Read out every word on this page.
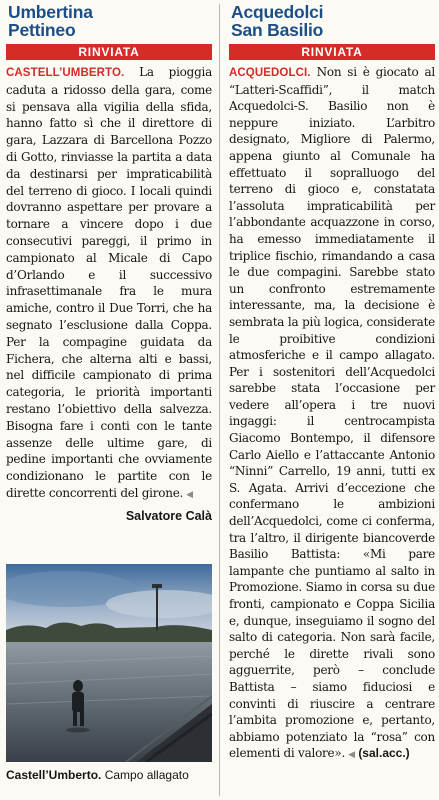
Umbertina
Pettineo
RINVIATA

CASTELL’UMBERTO. La pioggia caduta a ridosso della gara, come si pensava alla vigilia della sfida, hanno fatto sì che il direttore di gara, Lazzara di Barcellona Pozzo di Gotto, rinviasse la partita a data da destinarsi per impraticabilità del terreno di gioco. I locali quindi dovranno aspettare per provare a tornare a vincere dopo i due consecutivi pareggi, il primo in campionato al Micale di Capo d’Orlando e il successivo infrasettimanale fra le mura amiche, contro il Due Torri, che ha segnato l’esclusione dalla Coppa. Per la compagine guidata da Fichera, che alterna alti e bassi, nel difficile campionato di prima categoria, le priorità importanti restano l’obiettivo della salvezza. Bisogna fare i conti con le tante assenze delle ultime gare, di pedine importanti che ovviamente condizionano le partite con le dirette concorrenti del girone. ◀

Salvatore Calà
Castell’Umberto. Campo allagato
Acquedolci
San Basilio
RINVIATA

ACQUEDOLCI. Non si è giocato al “Latteri-Scaffidi”, il match Acquedolci-S. Basilio non è neppure iniziato. L’arbitro designato, Migliore di Palermo, appena giunto al Comunale ha effettuato il sopralluogo del terreno di gioco e, constatata l’assoluta impraticabilità per l’abbondante acquazzone in corso, ha emesso immediatamente il triplice fischio, rimandando a casa le due compagini. Sarebbe stato un confronto estremamente interessante, ma, la decisione è sembrata la più logica, considerate le proibitive condizioni atmosferiche e il campo allagato. Per i sostenitori dell’Acquedolci sarebbe stata l’occasione per vedere all’opera i tre nuovi ingaggi: il centrocampista Giacomo Bontempo, il difensore Carlo Aiello e l’attaccante Antonio “Ninni” Carrello, 19 anni, tutti ex S. Agata. Arrivi d’eccezione che confermano le ambizioni dell’Acquedolci, come ci conferma, tra l’altro, il dirigente biancoverde Basilio Battista: «Mi pare lampante che puntiamo al salto in Promozione. Siamo in corsa su due fronti, campionato e Coppa Sicilia e, dunque, inseguiamo il sogno del salto di categoria. Non sarà facile, perché le dirette rivali sono agguerrite, però – conclude Battista – siamo fiduciosi e convinti di riuscire a centrare l’ambita promozione e, pertanto, abbiamo potenziato la “rosa” con elementi di valore». ◀ (sal.acc.)
